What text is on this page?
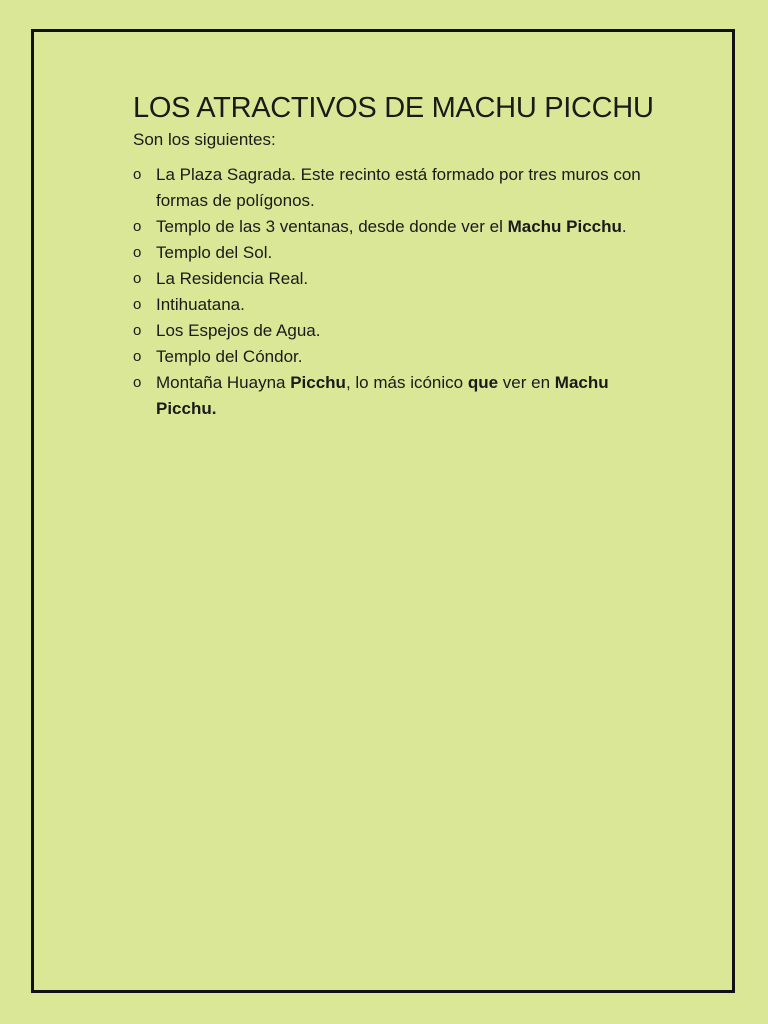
LOS ATRACTIVOS DE MACHU PICCHU

Son los siguientes:

o La Plaza Sagrada. Este recinto está formado por tres muros con formas de polígonos.
o Templo de las 3 ventanas, desde donde ver el Machu Picchu.
o Templo del Sol.
o La Residencia Real.
o Intihuatana.
o Los Espejos de Agua.
o Templo del Cóndor.
o Montaña Huayna Picchu, lo más icónico que ver en Machu Picchu.
